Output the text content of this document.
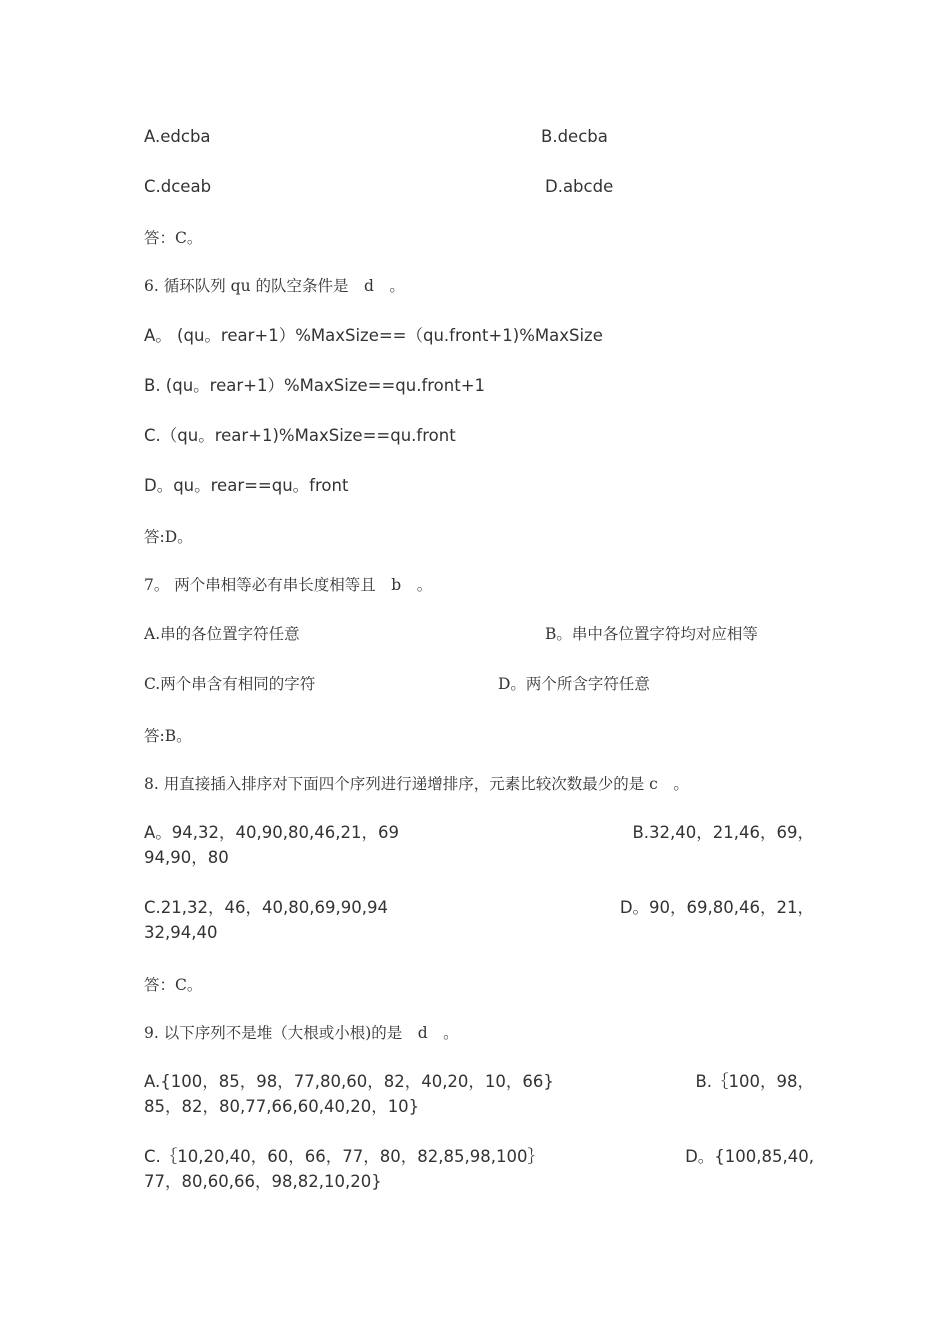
A.edcba	B.decba
C.dceab	D.abcde
答：C。
6. 循环队列 qu 的队空条件是　d　。
A。 (qu。rear+1）%MaxSize==（qu.front+1)%MaxSize
B. (qu。rear+1）%MaxSize==qu.front+1
C.（qu。rear+1)%MaxSize==qu.front
D。qu。rear==qu。front
答:D。
7。 两个串相等必有串长度相等且　b　。
A.串的各位置字符任意	B。串中各位置字符均对应相等
C.两个串含有相同的字符	D。两个所含字符任意
答:B。
8. 用直接插入排序对下面四个序列进行递增排序，元素比较次数最少的是 c　。
A。94,32，40,90,80,46,21，69	B.32,40，21,46，69，
94,90，80
C.21,32，46，40,80,69,90,94	D。90，69,80,46，21，
32,94,40
答：C。
9. 以下序列不是堆（大根或小根)的是　d　。
A.{100，85，98，77,80,60，82，40,20，10，66}	B.｛100，98，
85，82，80,77,66,60,40,20，10}
C.｛10,20,40，60，66，77，80，82,85,98,100｝	D。{100,85,40,
77，80,60,66，98,82,10,20}
